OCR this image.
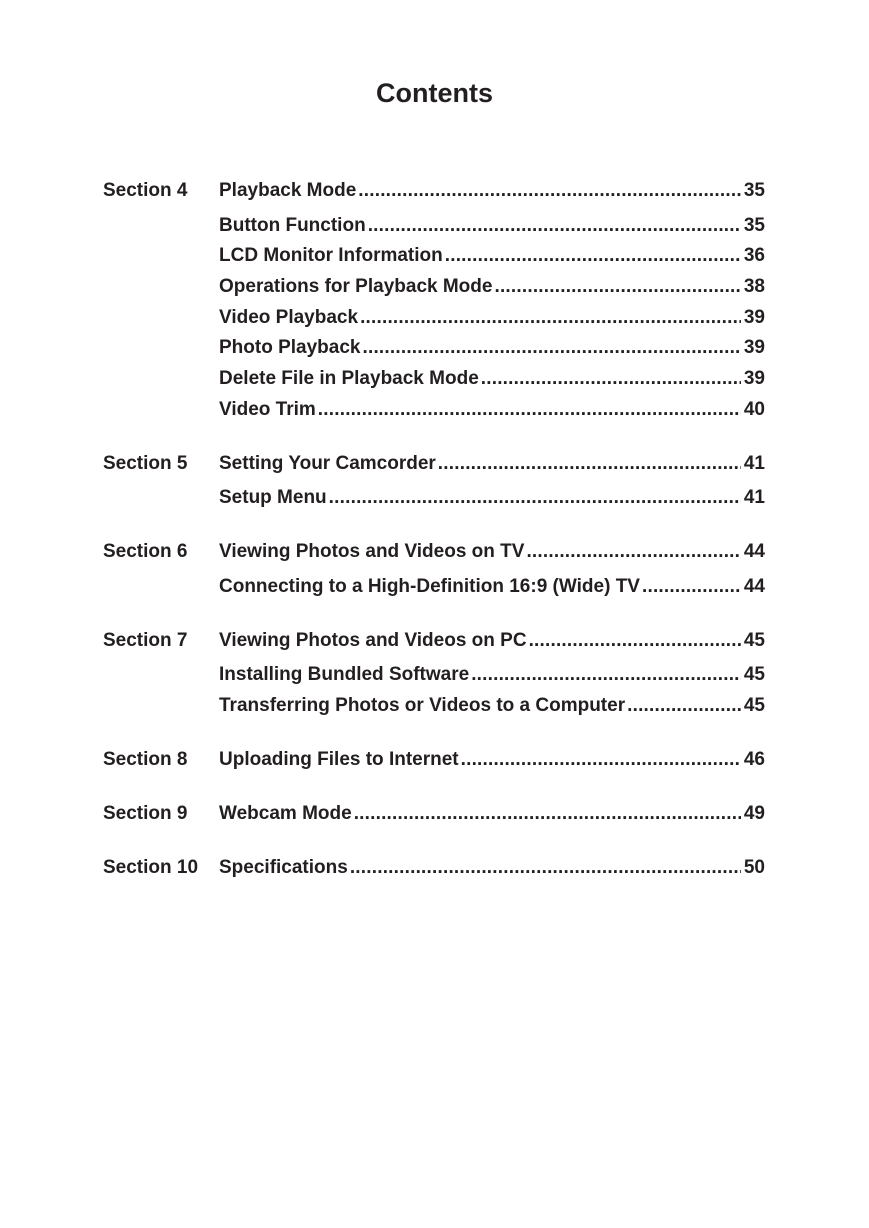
Contents
Section 4 Playback Mode .....	35
Button Function .....	35
LCD Monitor Information .....	36
Operations for Playback Mode .....	38
Video Playback .....	39
Photo Playback .....	39
Delete File in Playback Mode .....	39
Video Trim .....	40
Section 5 Setting Your Camcorder .....	41
Setup Menu .....	41
Section 6 Viewing Photos and Videos on TV .....	44
Connecting to a High-Definition 16:9 (Wide) TV .....	44
Section 7 Viewing Photos and Videos on PC .....	45
Installing Bundled Software .....	45
Transferring Photos or Videos to a Computer .....	45
Section 8 Uploading Files to Internet .....	46
Section 9 Webcam Mode .....	49
Section 10 Specifications .....	50
